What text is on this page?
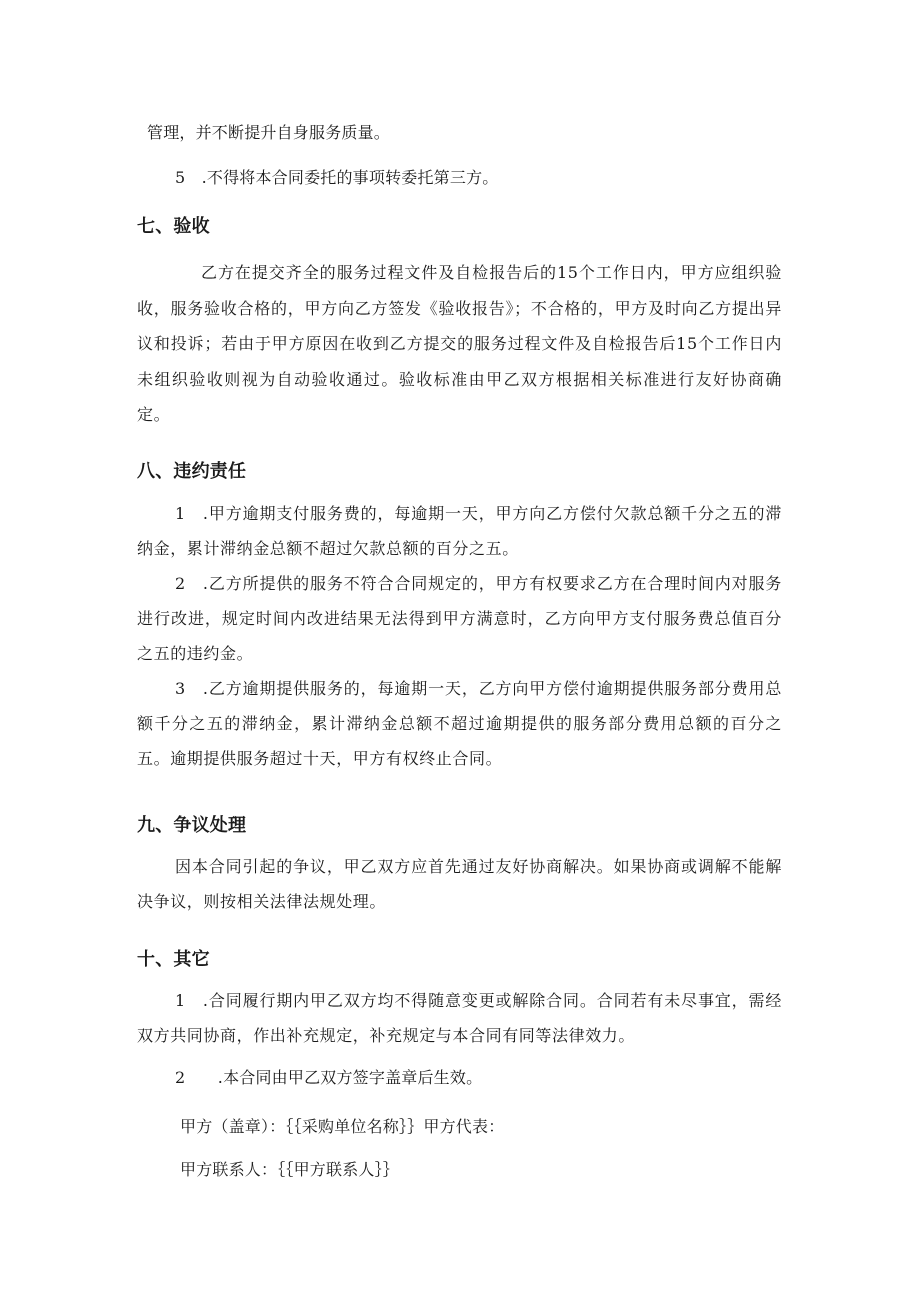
管理，并不断提升自身服务质量。

5　.不得将本合同委托的事项转委托第三方。

七、验收

乙方在提交齐全的服务过程文件及自检报告后的15个工作日内，甲方应组织验收，服务验收合格的，甲方向乙方签发《验收报告》；不合格的，甲方及时向乙方提出异议和投诉；若由于甲方原因在收到乙方提交的服务过程文件及自检报告后15个工作日内未组织验收则视为自动验收通过。验收标准由甲乙双方根据相关标准进行友好协商确定。

八、违约责任

1　.甲方逾期支付服务费的，每逾期一天，甲方向乙方偿付欠款总额千分之五的滞纳金，累计滞纳金总额不超过欠款总额的百分之五。

2　.乙方所提供的服务不符合合同规定的，甲方有权要求乙方在合理时间内对服务进行改进，规定时间内改进结果无法得到甲方满意时，乙方向甲方支付服务费总值百分之五的违约金。

3　.乙方逾期提供服务的，每逾期一天，乙方向甲方偿付逾期提供服务部分费用总额千分之五的滞纳金，累计滞纳金总额不超过逾期提供的服务部分费用总额的百分之五。逾期提供服务超过十天，甲方有权终止合同。

九、争议处理

因本合同引起的争议，甲乙双方应首先通过友好协商解决。如果协商或调解不能解决争议，则按相关法律法规处理。

十、其它

1　.合同履行期内甲乙双方均不得随意变更或解除合同。合同若有未尽事宜，需经双方共同协商，作出补充规定，补充规定与本合同有同等法律效力。

2　　.本合同由甲乙双方签字盖章后生效。

甲方（盖章）：｛｛采购单位名称｝｝甲方代表：

甲方联系人：｛｛甲方联系人｝｝
